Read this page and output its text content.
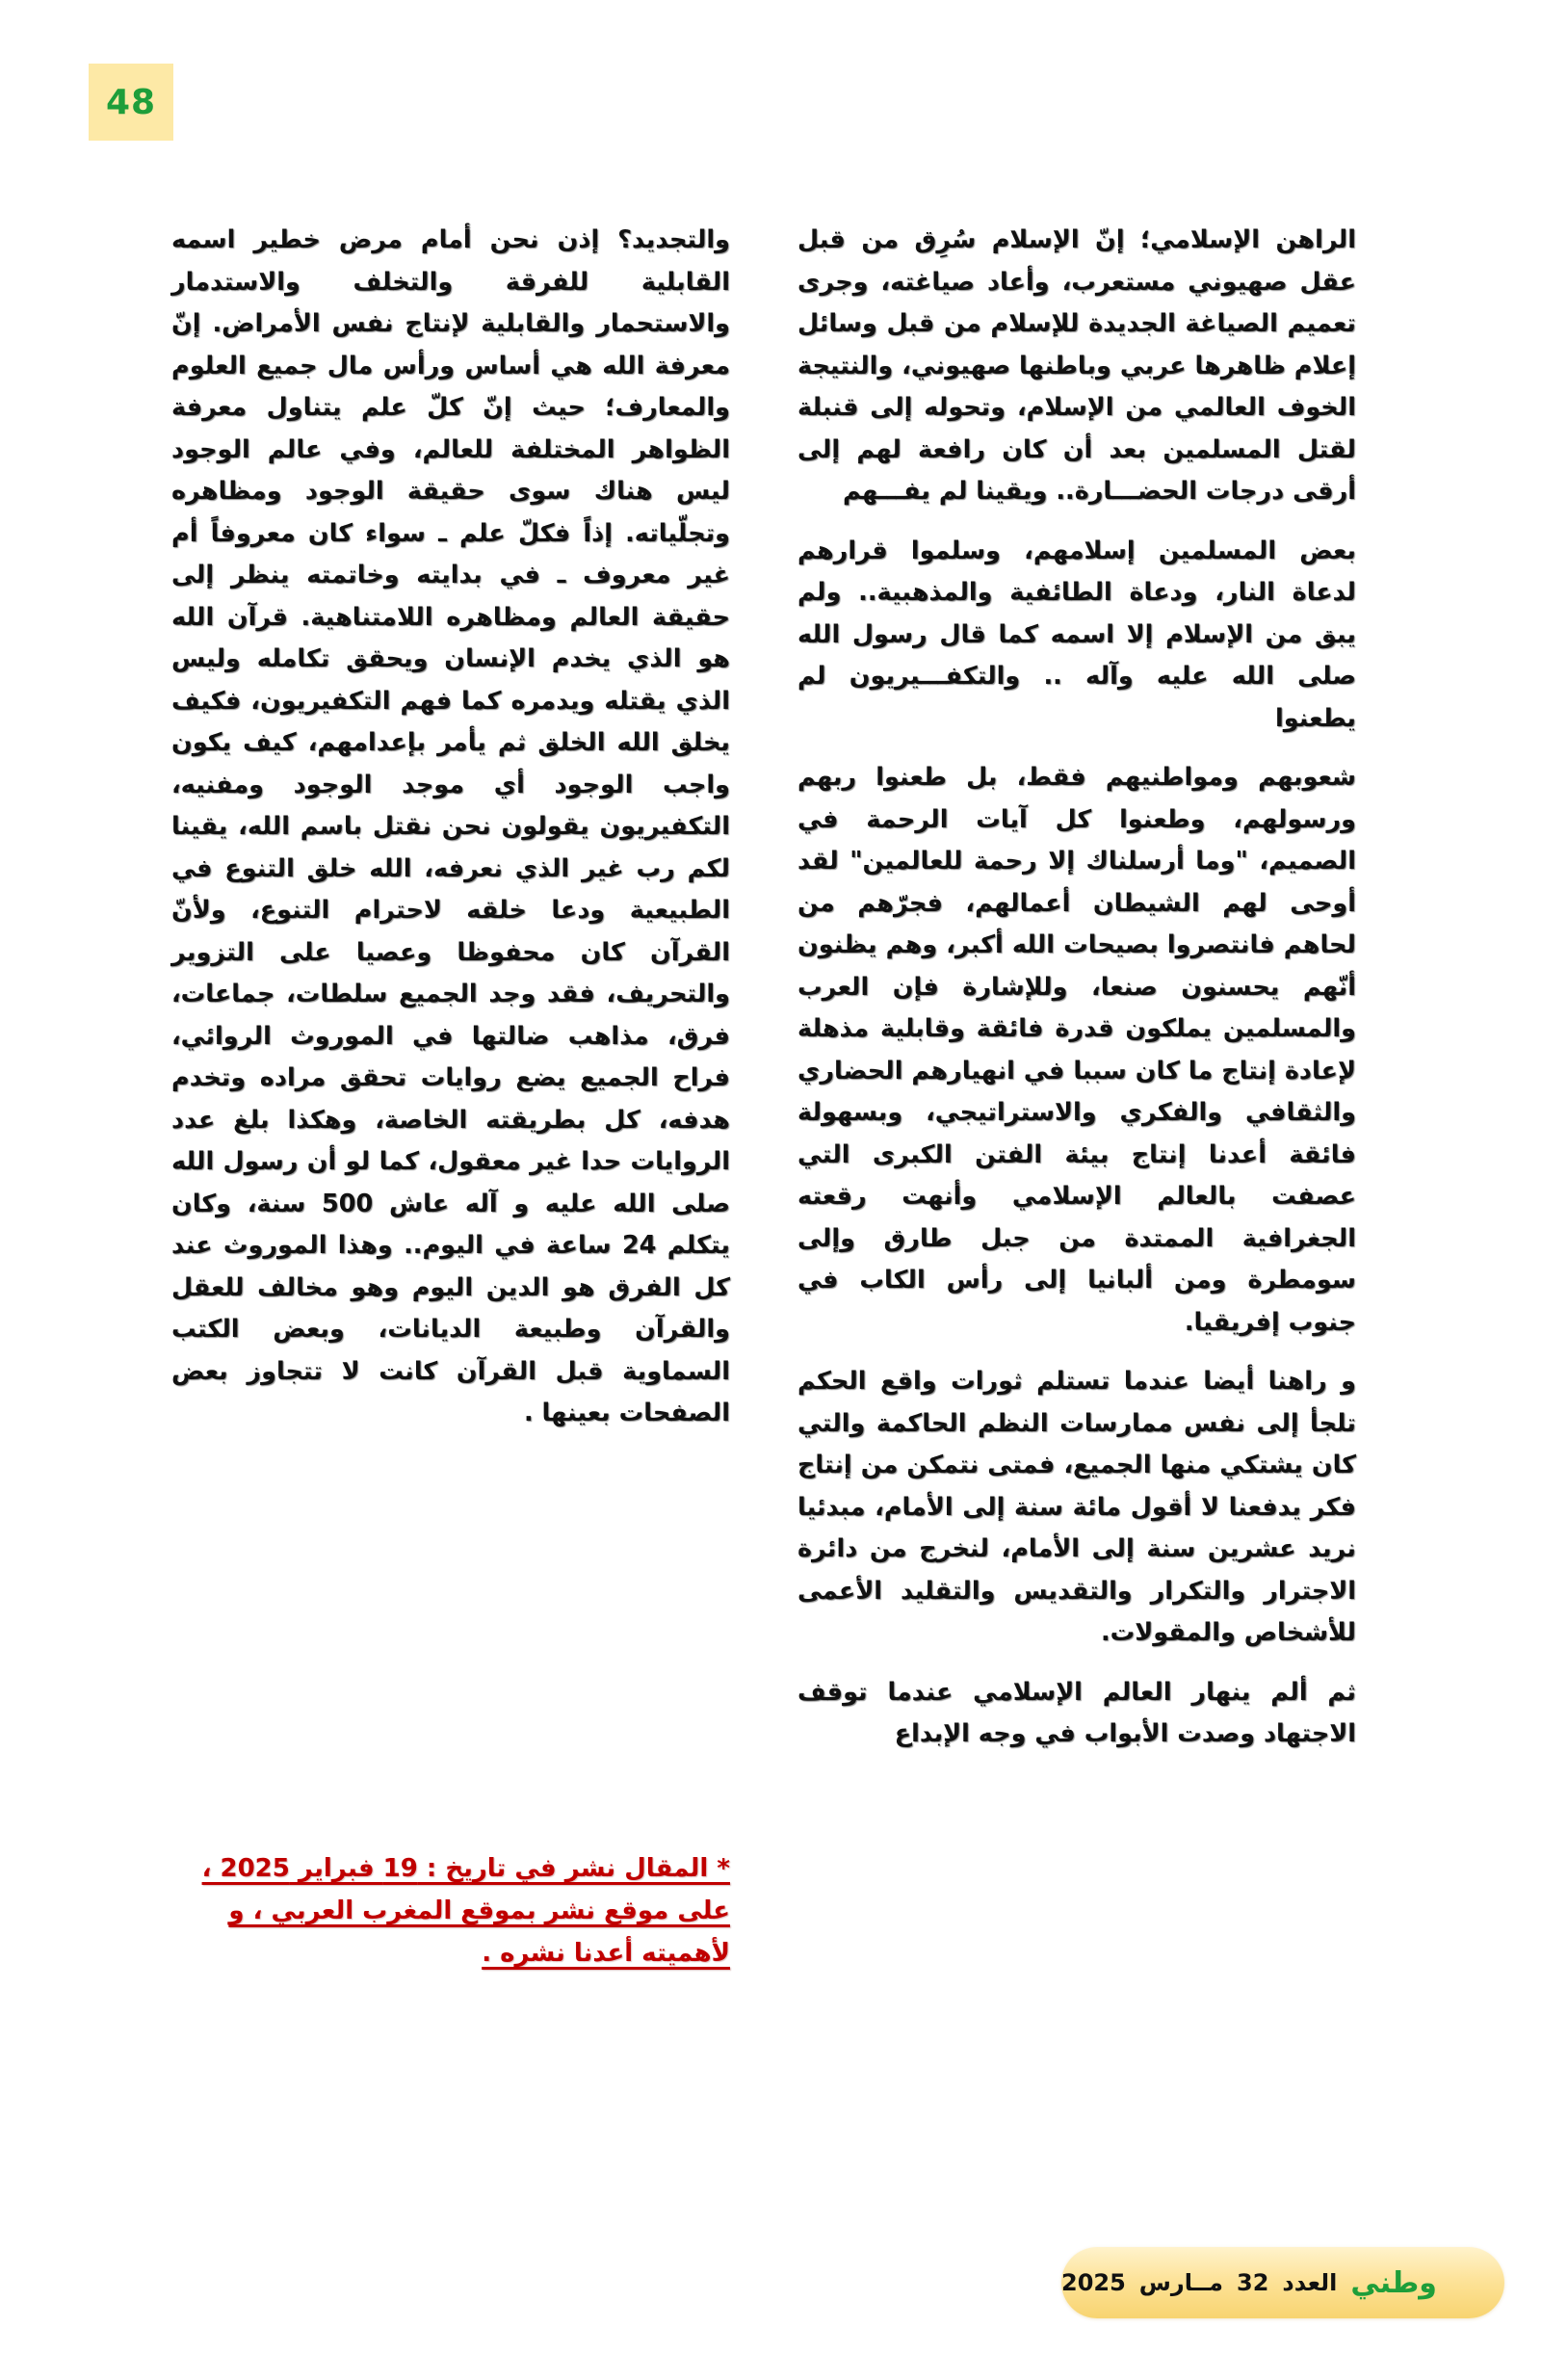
48

الراهن الإسلامي؛ إنّ الإسلام سُرِق من قبل عقل صهيوني مستعرب، وأعاد صياغته، وجرى تعميم الصياغة الجديدة للإسلام من قبل وسائل إعلام ظاهرها عربي وباطنها صهيوني، والنتيجة الخوف العالمي من الإسلام، وتحوله إلى قنبلة لقتل المسلمين بعد أن كان رافعة لهم إلى أرقى درجات الحضـــارة.. ويقينا لم يفـــهم

بعض المسلمين إسلامهم، وسلموا قرارهم لدعاة النار، ودعاة الطائفية والمذهبية.. ولم يبق من الإسلام إلا اسمه كما قال رسول الله صلى الله عليه وآله .. والتكفـــيريون لم يطعنوا

شعوبهم ومواطنيهم فقط، بل طعنوا ربهم ورسولهم، وطعنوا كل آيات الرحمة في الصميم، "وما أرسلناك إلا رحمة للعالمين" لقد أوحى لهم الشيطان أعمالهم، فجرّهم من لحاهم فانتصروا بصيحات الله أكبر، وهم يظنون أنّهم يحسنون صنعا، وللإشارة فإن العرب والمسلمين يملكون قدرة فائقة وقابلية مذهلة لإعادة إنتاج ما كان سببا في انهيارهم الحضاري والثقافي والفكري والاستراتيجي، وبسهولة فائقة أعدنا إنتاج بيئة الفتن الكبرى التي عصفت بالعالم الإسلامي وأنهت رقعته الجغرافية الممتدة من جبل طارق وإلى سومطرة ومن ألبانيا إلى رأس الكاب في جنوب إفريقيا.

و راهنا أيضا عندما تستلم ثورات واقع الحكم تلجأ إلى نفس ممارسات النظم الحاكمة والتي كان يشتكي منها الجميع، فمتى نتمكن من إنتاج فكر يدفعنا لا أقول مائة سنة إلى الأمام، مبدئيا نريد عشرين سنة إلى الأمام، لنخرج من دائرة الاجترار والتكرار والتقديس والتقليد الأعمى للأشخاص والمقولات.

ثم ألم ينهار العالم الإسلامي عندما توقف الاجتهاد وصدت الأبواب في وجه الإبداع

والتجديد؟ إذن نحن أمام مرض خطير اسمه القابلية للفرقة والتخلف والاستدمار والاستحمار والقابلية لإنتاج نفس الأمراض. إنّ معرفة الله هي أساس ورأس مال جميع العلوم والمعارف؛ حيث إنّ كلّ علم يتناول معرفة الظواهر المختلفة للعالم، وفي عالم الوجود ليس هناك سوى حقيقة الوجود ومظاهره وتجلّياته. إذاً فكلّ علم ـ سواء كان معروفاً أم غير معروف ـ في بدايته وخاتمته ينظر إلى حقيقة العالم ومظاهره اللامتناهية. قرآن الله هو الذي يخدم الإنسان ويحقق تكامله وليس الذي يقتله ويدمره كما فهم التكفيريون، فكيف يخلق الله الخلق ثم يأمر بإعدامهم، كيف يكون واجب الوجود أي موجد الوجود ومفنيه، التكفيريون يقولون نحن نقتل باسم الله، يقينا لكم رب غير الذي نعرفه، الله خلق التنوع في الطبيعية ودعا خلقه لاحترام التنوع، ولأنّ القرآن كان محفوظا وعصيا على التزوير والتحريف، فقد وجد الجميع سلطات، جماعات، فرق، مذاهب ضالتها في الموروث الروائي، فراح الجميع يضع روايات تحقق مراده وتخدم هدفه، كل بطريقته الخاصة، وهكذا بلغ عدد الروايات حدا غير معقول، كما لو أن رسول الله صلى الله عليه و آله عاش 500 سنة، وكان يتكلم 24 ساعة في اليوم.. وهذا الموروث عند كل الفرق هو الدين اليوم وهو مخالف للعقل والقرآن وطبيعة الديانات، وبعض الكتب السماوية قبل القرآن كانت لا تتجاوز بعض الصفحات بعينها .

* المقال نشر في تاريخ : 19 فبراير 2025 ، على موقع نشر بموقع المغرب العربي ، و لأهميته أعدنا نشره .
وطني
العدد
32
مــارس
2025
